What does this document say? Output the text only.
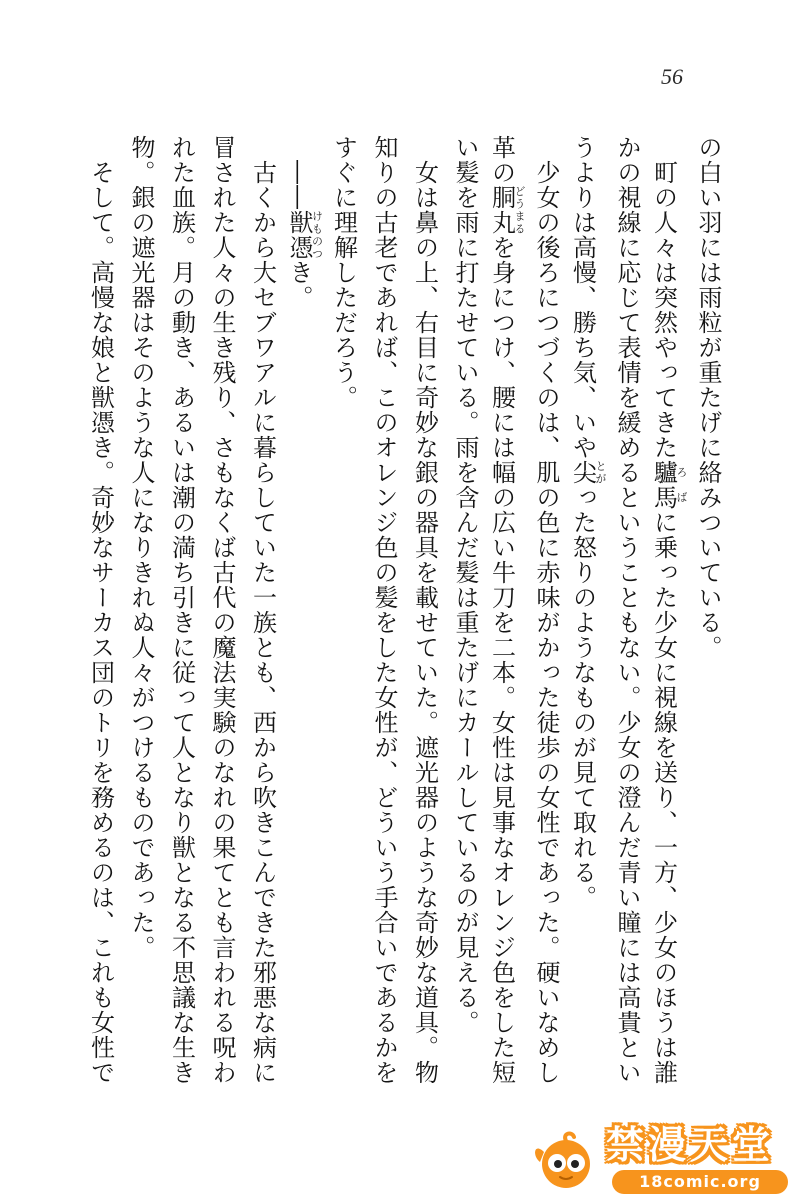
56
の白い羽には雨粒が重たげに絡みついている。
町の人々は突然やってきた驢馬ろばに乗った少女に視線を送り、一方、少女のほうは誰
かの視線に応じて表情を緩めるということもない。少女の澄んだ青い瞳には高貴とい
うよりは高慢、勝ち気、いや尖とがった怒りのようなものが見て取れる。
少女の後ろにつづくのは、肌の色に赤味がかった徒歩の女性であった。硬いなめし
革の胴丸どうまるを身につけ、腰には幅の広い牛刀を二本。女性は見事なオレンジ色をした短
い髪を雨に打たせている。雨を含んだ髪は重たげにカールしているのが見える。
女は鼻の上、右目に奇妙な銀の器具を載せていた。遮光器のような奇妙な道具。物
知りの古老であれば、このオレンジ色の髪をした女性が、どういう手合いであるかを
すぐに理解しただろう。
――獣憑けものつき。
古くから大セブワアルに暮らしていた一族とも、西から吹きこんできた邪悪な病に
冒された人々の生き残り、さもなくば古代の魔法実験のなれの果てとも言われる呪わ
れた血族。月の動き、あるいは潮の満ち引きに従って人となり獣となる不思議な生き
物。銀の遮光器はそのような人になりきれぬ人々がつけるものであった。
そして。高慢な娘と獣憑き。奇妙なサーカス団のトリを務めるのは、これも女性で
禁漫天堂
18comic.org
